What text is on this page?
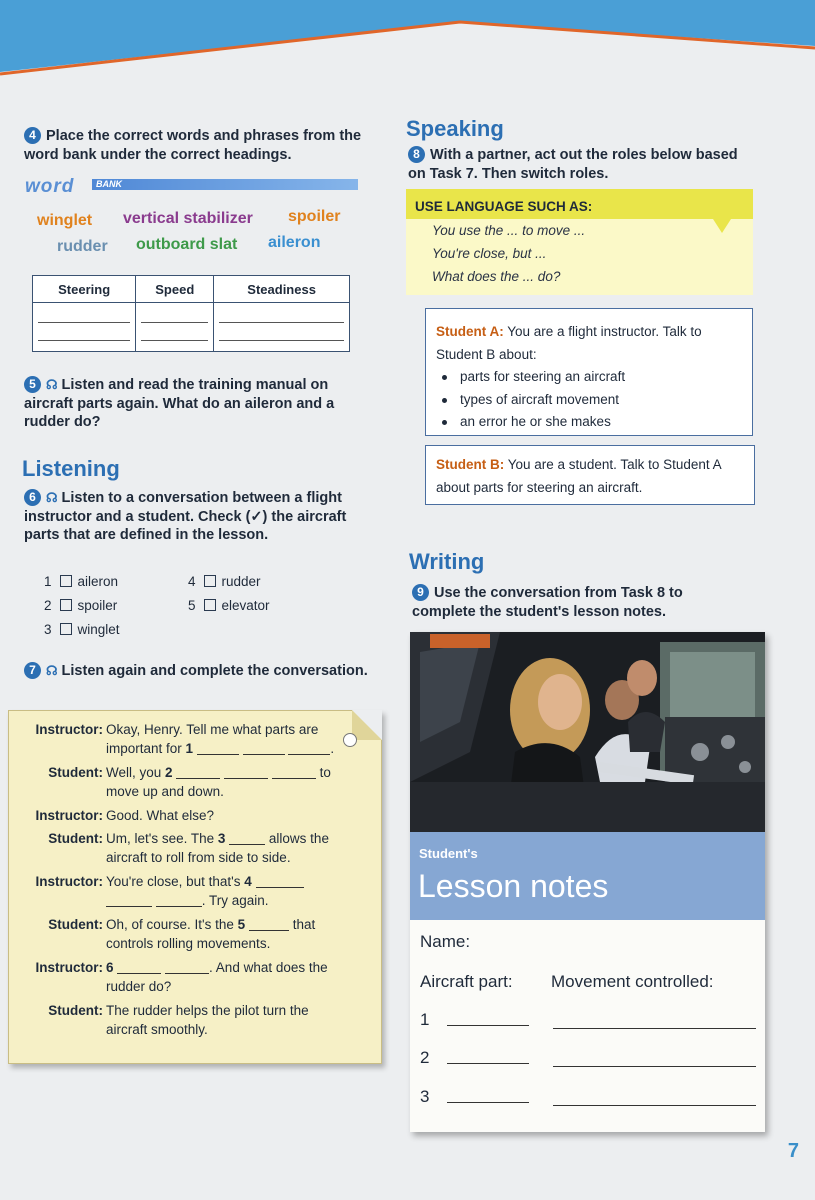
4 Place the correct words and phrases from the word bank under the correct headings.
word BANK
winglet vertical stabilizer spoiler
rudder outboard slat aileron
Steering	Speed	Steadiness

5 ☊ Listen and read the training manual on aircraft parts again. What do an aileron and a rudder do?
Listening
6 ☊ Listen to a conversation between a flight instructor and a student. Check (✓) the aircraft parts that are defined in the lesson.
1 aileron
2 spoiler
3 winglet
4 rudder
5 elevator
7 ☊ Listen again and complete the conversation.
Instructor: Okay, Henry. Tell me what parts are
important for 1	.
Student: Well, you 2	to
move up and down.
Instructor: Good. What else?
Student: Um, let's see. The 3	allows the
aircraft to roll from side to side.
Instructor: You're close, but that's 4
. Try again.
Student: Oh, of course. It's the 5	that
controls rolling movements.
Instructor: 6	. And what does the
rudder do?
Student: The rudder helps the pilot turn the
aircraft smoothly.
Speaking
8 With a partner, act out the roles below based on Task 7. Then switch roles.
USE LANGUAGE SUCH AS:
You use the ... to move ...
You're close, but ...
What does the ... do?
Student A: You are a flight instructor. Talk to Student B about:
parts for steering an aircraft
types of aircraft movement
an error he or she makes
Student B: You are a student. Talk to Student A about parts for steering an aircraft.
Writing
9 Use the conversation from Task 8 to complete the student's lesson notes.
Student's
Lesson notes
Name:
Aircraft part: Movement controlled:
1
2
3
7
